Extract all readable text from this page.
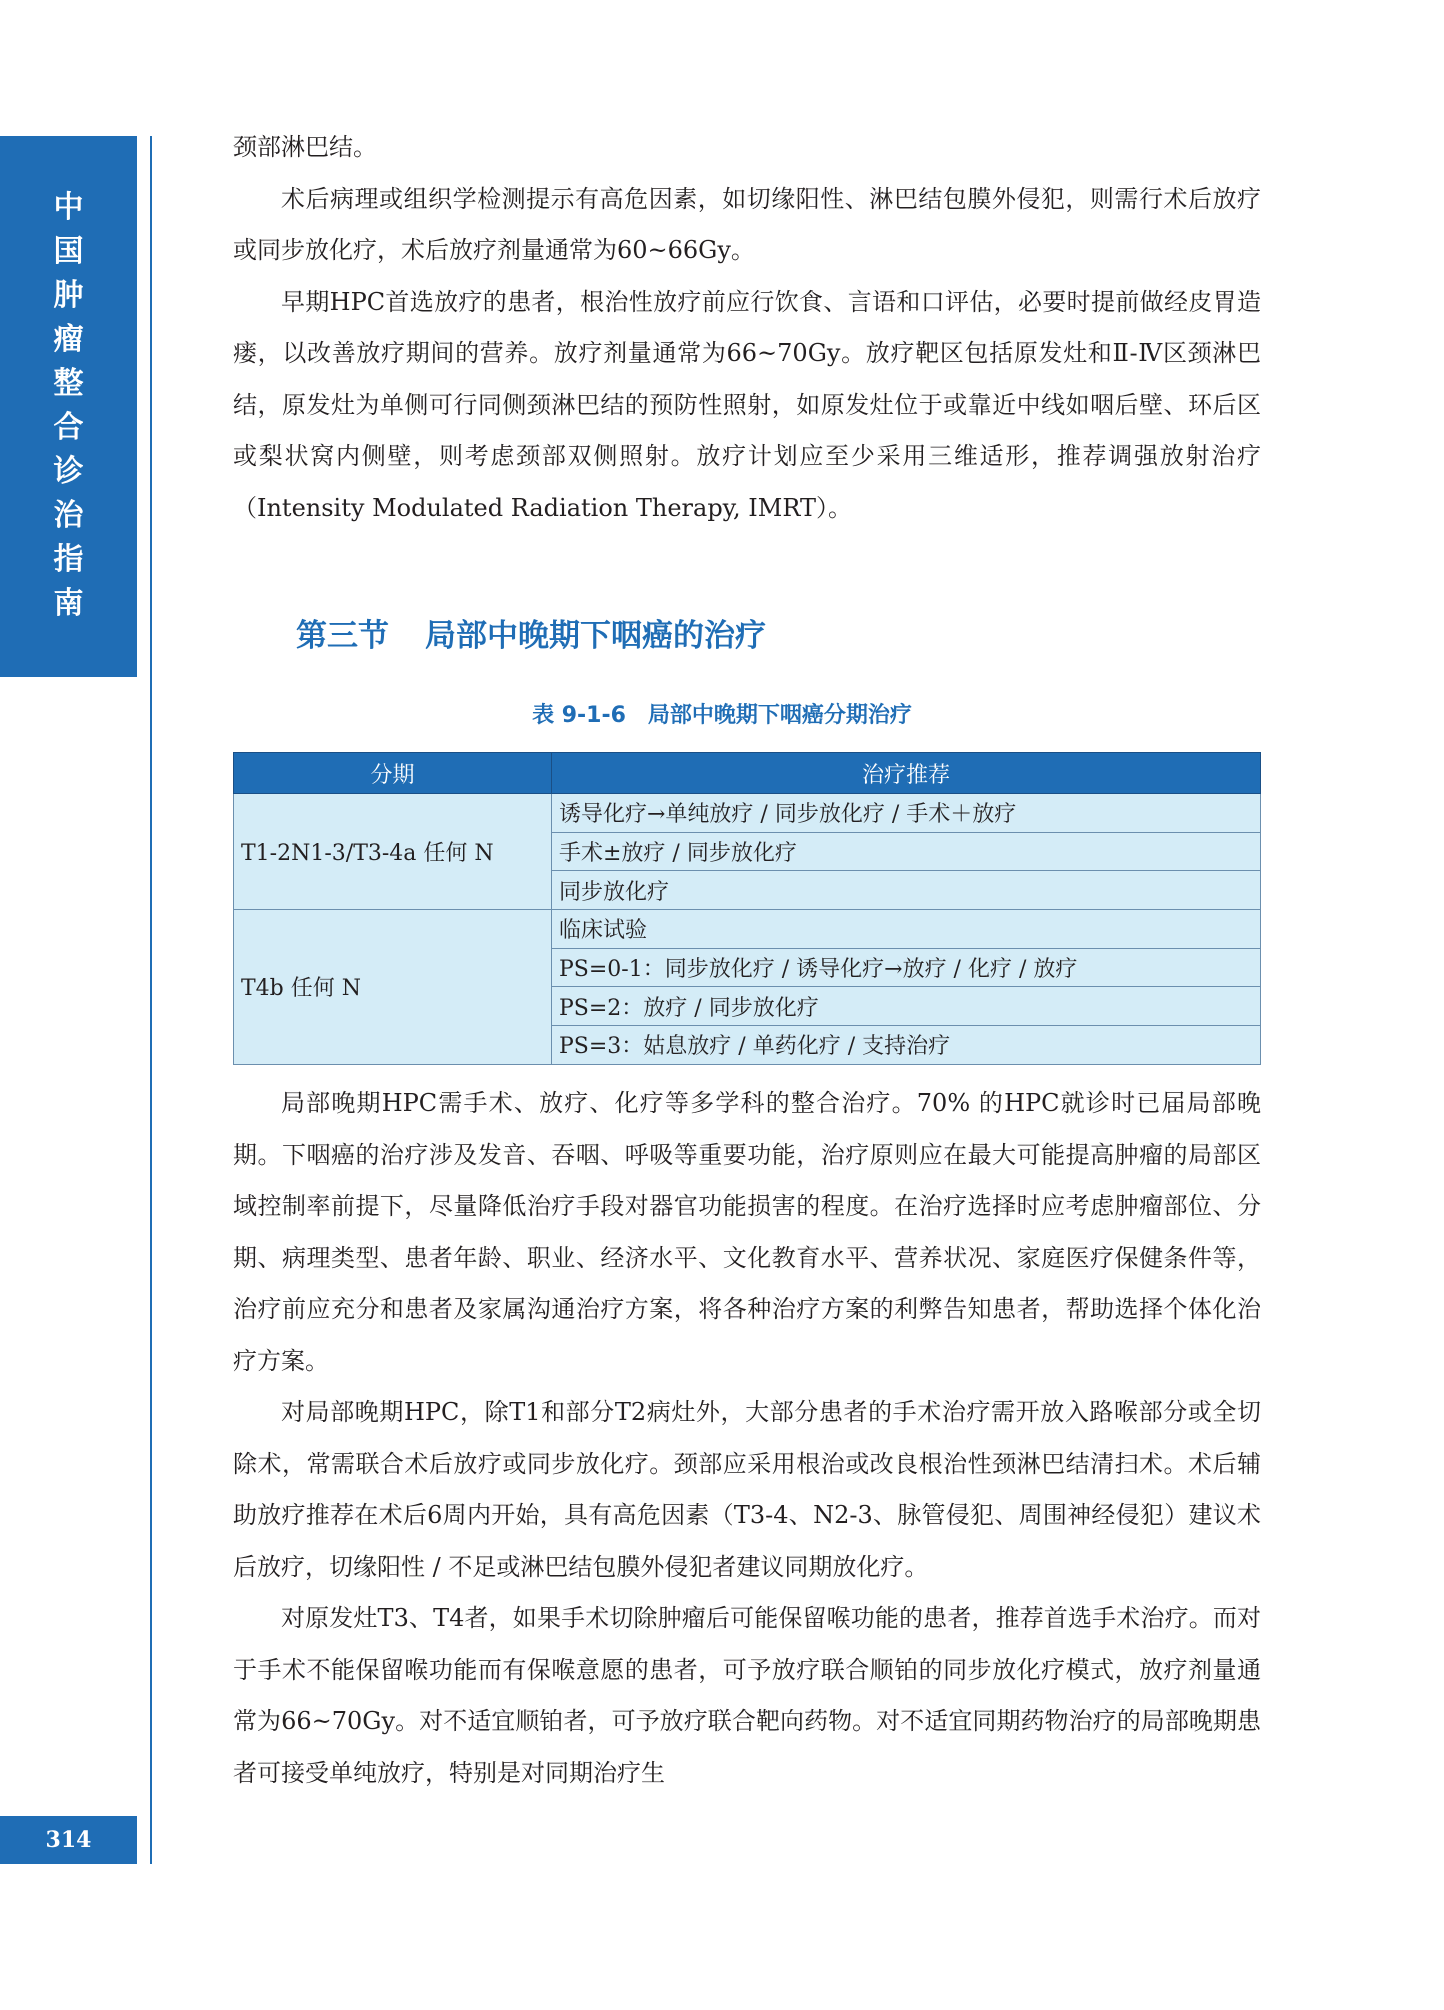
中
国
肿
瘤
整
合
诊
治
指
南
314

颈部淋巴结。

术后病理或组织学检测提示有高危因素，如切缘阳性、淋巴结包膜外侵犯，则需行术后放疗或同步放化疗，术后放疗剂量通常为60~66Gy。

早期HPC首选放疗的患者，根治性放疗前应行饮食、言语和口评估，必要时提前做经皮胃造瘘，以改善放疗期间的营养。放疗剂量通常为66~70Gy。放疗靶区包括原发灶和Ⅱ-Ⅳ区颈淋巴结，原发灶为单侧可行同侧颈淋巴结的预防性照射，如原发灶位于或靠近中线如咽后壁、环后区或梨状窝内侧壁，则考虑颈部双侧照射。放疗计划应至少采用三维适形，推荐调强放射治疗（Intensity Modulated Radiation Therapy, IMRT）。

第三节 局部中晚期下咽癌的治疗
表 9-1-6　局部中晚期下咽癌分期治疗
分期	治疗推荐
T1-2N1-3/T3-4a 任何 N	诱导化疗→单纯放疗 / 同步放化疗 / 手术＋放疗
	手术±放疗 / 同步放化疗
	同步放化疗
T4b 任何 N	临床试验
	PS=0-1：同步放化疗 / 诱导化疗→放疗 / 化疗 / 放疗
	PS=2：放疗 / 同步放化疗
	PS=3：姑息放疗 / 单药化疗 / 支持治疗

局部晚期HPC需手术、放疗、化疗等多学科的整合治疗。70% 的HPC就诊时已届局部晚期。下咽癌的治疗涉及发音、吞咽、呼吸等重要功能，治疗原则应在最大可能提高肿瘤的局部区域控制率前提下，尽量降低治疗手段对器官功能损害的程度。在治疗选择时应考虑肿瘤部位、分期、病理类型、患者年龄、职业、经济水平、文化教育水平、营养状况、家庭医疗保健条件等，治疗前应充分和患者及家属沟通治疗方案，将各种治疗方案的利弊告知患者，帮助选择个体化治疗方案。

对局部晚期HPC，除T1和部分T2病灶外，大部分患者的手术治疗需开放入路喉部分或全切除术，常需联合术后放疗或同步放化疗。颈部应采用根治或改良根治性颈淋巴结清扫术。术后辅助放疗推荐在术后6周内开始，具有高危因素（T3-4、N2-3、脉管侵犯、周围神经侵犯）建议术后放疗，切缘阳性 / 不足或淋巴结包膜外侵犯者建议同期放化疗。

对原发灶T3、T4者，如果手术切除肿瘤后可能保留喉功能的患者，推荐首选手术治疗。而对于手术不能保留喉功能而有保喉意愿的患者，可予放疗联合顺铂的同步放化疗模式，放疗剂量通常为66~70Gy。对不适宜顺铂者，可予放疗联合靶向药物。对不适宜同期药物治疗的局部晚期患者可接受单纯放疗，特别是对同期治疗生
